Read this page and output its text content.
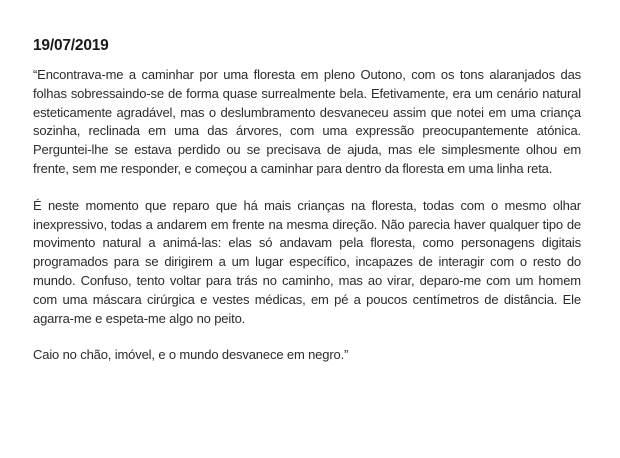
19/07/2019

“Encontrava-me a caminhar por uma floresta em pleno Outono, com os tons alaranjados das folhas sobressaindo-se de forma quase surrealmente bela. Efetivamente, era um cenário natural esteticamente agradável, mas o deslumbramento desvaneceu assim que notei em uma criança sozinha, reclinada em uma das árvores, com uma expressão preocupantemente atónica. Perguntei-lhe se estava perdido ou se precisava de ajuda, mas ele simplesmente olhou em frente, sem me responder, e começou a caminhar para dentro da floresta em uma linha reta.

É neste momento que reparo que há mais crianças na floresta, todas com o mesmo olhar inexpressivo, todas a andarem em frente na mesma direção. Não parecia haver qualquer tipo de movimento natural a animá-las: elas só andavam pela floresta, como personagens digitais programados para se dirigirem a um lugar específico, incapazes de interagir com o resto do mundo. Confuso, tento voltar para trás no caminho, mas ao virar, deparo-me com um homem com uma máscara cirúrgica e vestes médicas, em pé a poucos centímetros de distância. Ele agarra-me e espeta-me algo no peito.

Caio no chão, imóvel, e o mundo desvanece em negro.”
